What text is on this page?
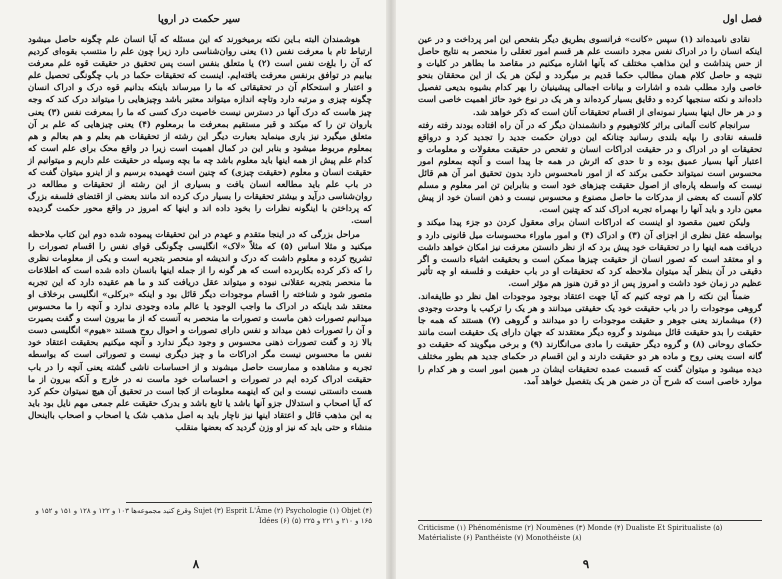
سیر حکمت در اروپا

هوشمندان البته بـاین نکته برمیخورند که این مسئله که آیا انسان علم چگونه حاصل میشود ارتباط تام با معرفت نفس (۱) یعنی روان‌شناسی دارد زیرا چون علم را منتسب بقوه‌ای کردیم که آن را بلغ‌ت نفس است (۲) یا متعلق بنفس است پس تحقیق در حقیقت قوه علم معرفت بیابیم در توافق برنفس معرفت یافته‌ایم. اینست که تحقیقات حکما در باب چگونگی تحصیل علم و اعتبار و استحکام آن در تحقیقاتی که ما را میرساند باینکه بدانیم قوه درک و ادراک انسان چگونه چیزی و مرتبه دارد وتاچه اندازه میتواند معتبر باشد وچیزهایی را میتواند درک کند که وجه چیز هاست که درک آنها در دسترس نیست خاصیت درک کسی که ما را بمعرفت نفس (۳) یعنی یاروان تن را که میکند و قبر مستقیم بمعرفت ما برمعلوم (۴) یعنی چیزهایی که علم بر آن متعلق میگیرد نیز یاری مینماید بعبارت دیگر این رشته از تحقیقات هم بعلم و هم بعالم و هم بمعلوم مربوط میشود و بنابر این در کمال اهمیت است زیرا در واقع محک برای علم است که کدام علم پیش از همه اینها باید معلوم باشد چه ما بچه وسیله در حقیقت علم داریم و میتوانیم از حقیقت انسان و معلوم (حقیقت چیزی) که چنین است فهمیده برسیم و از اینرو میتوان گفت که در باب علم باید مطالعه انسان یافت و بسیاری از این رشته از تحقیقات و مطالعه در روان‌شناسی درآید و بیشتر تحقیقات را بسیار درک کرده اند مانند بعضی از اقتضای فلسفه بزرگ که پرداختن با اینگونه نظرات را بخود داده اند و اینها که امروز در واقع محور حکمت گردیده است.

مراحل بزرگی که در اینجا متقدم و عهدم در این تحقیقات پیموده شده دوم این کتاب ملاحظه میکنید و مثلا اساس (۵) که مثلاً «لاک» انگلیسی چگونگی قوای نفس را اقسام تصورات را تشریح کرده و معلوم داشت که درک و اندیشه او منحصر بتجربه است و یکی از معلومات نظری را که ذکر کرده بکاربرده است که هر گونه را از جمله اینها بانسان داده شده است که اطلاعات ما منحصر بتجربه عقلانی نبوده و میتواند عقل دریافت کند و ما هم عقیده دارد که این تجربه متصور شود و شناخته را اقسام موجودات دیگر قائل بود و اینکه «برکلی» انگلیسی برخلاف او معتقد شد باینکه در ادراک ما واجب الوجود یا عالم ماده وجودی ندارد و آنچه را ما محسوس میدانیم تصورات ذهن ماست و تصورات ما منحصر به آنست که از ما بیرون است و گفت بصیرت و آن را تصورات ذهن میداند و نفس دارای تصورات و احوال روح هستند «هیوم» انگلیسی دست بالا زد و گفت تصورات ذهنی محسوس و وجود دیگر ندارد و آنچه میکنیم بحقیقت اعتقاد خود نفس ما محسوس نیست مگر ادراکات ما و چیز دیگری نیست و تصوراتی است که بواسطه تجربه و مشاهده و ممارست حاصل میشوند و از احساسات ناشی گشته یعنی آنچه را در باب حقیقت ادراک کرده ایم در تصورات و احساسات خود ماست نه در خارج و آنکه بیرون از ما هست دانستنی نیست و این که اینهمه معلومات از کجا است در تحقیق آن هیچ نمیتوان حکم کرد که آیا اصحاب و استدلال جزو آنها باشد یا تابع باشد و بدرک حقیقت علم جمعی مهم نایل بود باید به این مذهب قائل و اعتقاد اینها نیز ناچار باید به اصل مذهب شک یا اصحاب و اصحاب بااینحال منشاء و حتی باید که نیز او وزن گردید که بعضها منقلب

Sujet (۳) Esprit L'Âme (۲) Psychologie (۱) Objet (۴) وقرع کنید مجموعه‌ها ۱۰۳ و ۱۲۲ و ۱۲۸ و ۱۵۱ و ۱۵۲ و ۱۶۵ و ۲۱۰ و ۲۲۱ و ۲۲۵ (۵) Idées (۶)
۸
فصل اول

نقادی نامیده‌اند (۱) سپس «کانت» فرانسوی بطریق دیگر بتفحص این امر پرداخت و در عین اینکه انسان را در ادراک نفس مجرد دانست علم هر قسم امور تعقلی را منحصر به نتایج حاصل از حس پنداشت و این مذاهب مختلف که بآنها اشاره میکنیم در مقاصد ما بطاهر در کلیات و نتیجه و حاصل کلام همان مطالب حکما قدیم بر میگردد و لیکن هر یک از این محققان بنحو خاصی وارد مطلب شده و اشارات و بیانات اجمالی پیشینیان را بهر کدام بشیوه بدیعی تفصیل داده‌اند و نکته سنجیها کرده و دقایق بسیار کرده‌اند و هر یک در نوع خود حائز اهمیت خاصی است و در هر حال اینها بسیار نمونه‌ای از اقسام تحقیقات آنان است که ذکر خواهد شد.

سرانجام کانت آلمانی براثر کلاتوهیوم و دانشمندان دیگر که در آن راه افتاده بودند رفته رفته فلسفه نقادی را بپایه بلندی رسانید چنانکه این دوران حکمت جدید را تجدید کرد و درواقع تحقیقات او در ادراک و در حقیقت ادراکات انسان و تفحص در حقیقت معقولات و معلومات و اعتبار آنها بسیار عمیق بوده و تا حدی که اثرش در همه جا پیدا است و آنچه بمعلوم امور محسوس است نمیتواند حکمی برکند که از امور نامحسوس دارد بدون تحقیق امر آن هم قائل نیست که واسطه پاره‌ای از اصول حقیقت چیزهای خود است و بنابراین تن امر معلوم و مسلم کلام آنست که بعضی از مدرکات ما حاصل مصنوع و محسوس نیست و ذهن انسان خود از پیش معین دارد و باید آنها را بهمراه تجربه ادراک کند که چنین است.

ولیکن تعیین مقصود او اینست که ادراکات انسان برای معقول کردن دو جزء پیدا میکند و بواسطه عقل نظری از اجزای آن (۳) و ادراک (۴) و امور ماوراء محسوسات میل قانونی دارد و دریافت همه اینها را در تحقیقات خود پیش برد که از نظر دانستن معرفت نیز امکان خواهد داشت و او معتقد است که تصور انسان از حقیقت چیزها ممکن است و بحقیقت اشیاء دانست و اگر دقیقی در آن بنظر آید میتوان ملاحظه کرد که تحقیقات او در باب حقیقت و فلسفه او چه تأثیر عظیم در زمان خود داشت و امروز پس از دو قرن هنوز هم مؤثر است.

ضمناً این نکته را هم توجه کنیم که آیا جهت اعتقاد بوجود موجودات اهل نظر دو طایفه‌اند. گروهی موجودات را در باب حقیقت خود یک حقیقتی میدانند و هر یک را ترکیب یا وحدت وجودی (۶) میشمارند یعنی جوهر و حقیقت موجودات را دو میدانند و گروهی (۷) هستند که همه جا حقیقت را بدو حقیقت قائل میشوند و گروه دیگر معتقدند که جهان دارای یک حقیقت است مانند حکمای روحانی (۸) و گروه دیگر حقیقت را مادی می‌انگارند (۹) و برخی میگویند که حقیقت دو گانه است یعنی روح و ماده هر دو حقیقت دارند و این اقسام در حکمای جدید هم بطور مختلف دیده میشود و میتوان گفت که قسمت عمده تحقیقات ایشان در همین امور است و هر کدام را موارد خاصی است که شرح آن در ضمن هر یک بتفصیل خواهد آمد.

Criticisme (۱) Phénoménisme (۲) Noumènes (۳) Monde (۴) Dualiste Et Spiritualiste (۵) Matérialiste (۶) Panthéiste (۷) Monothéiste (۸)
۹
